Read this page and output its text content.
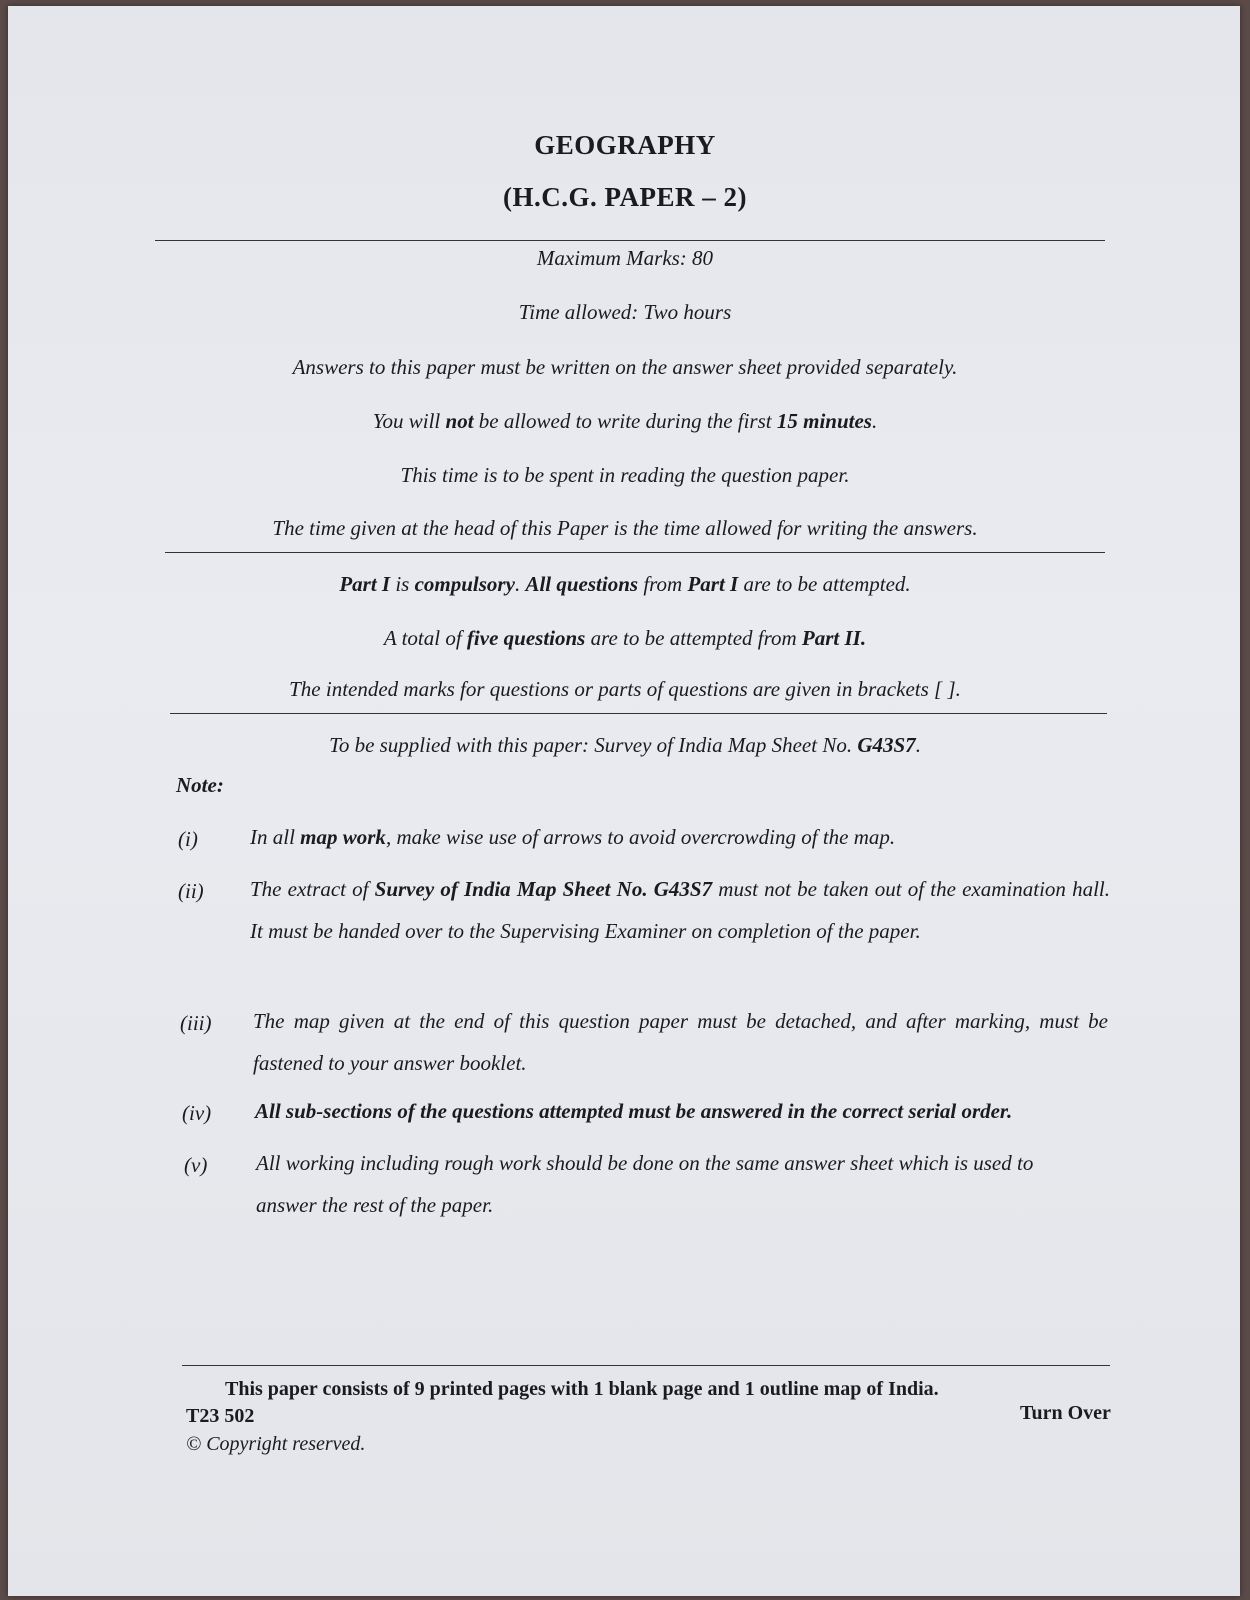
GEOGRAPHY
(H.C.G. PAPER – 2)
Maximum Marks: 80
Time allowed: Two hours
Answers to this paper must be written on the answer sheet provided separately.
You will not be allowed to write during the first 15 minutes.
This time is to be spent in reading the question paper.
The time given at the head of this Paper is the time allowed for writing the answers.
Part I is compulsory. All questions from Part I are to be attempted.
A total of five questions are to be attempted from Part II.
The intended marks for questions or parts of questions are given in brackets [ ].
To be supplied with this paper: Survey of India Map Sheet No. G43S7.
Note:
(i) In all map work, make wise use of arrows to avoid overcrowding of the map.
(ii) The extract of Survey of India Map Sheet No. G43S7 must not be taken out of the examination hall. It must be handed over to the Supervising Examiner on completion of the paper.
(iii) The map given at the end of this question paper must be detached, and after marking, must be fastened to your answer booklet.
(iv) All sub-sections of the questions attempted must be answered in the correct serial order.
(v) All working including rough work should be done on the same answer sheet which is used to answer the rest of the paper.
This paper consists of 9 printed pages with 1 blank page and 1 outline map of India.
T23 502	Turn Over
© Copyright reserved.
